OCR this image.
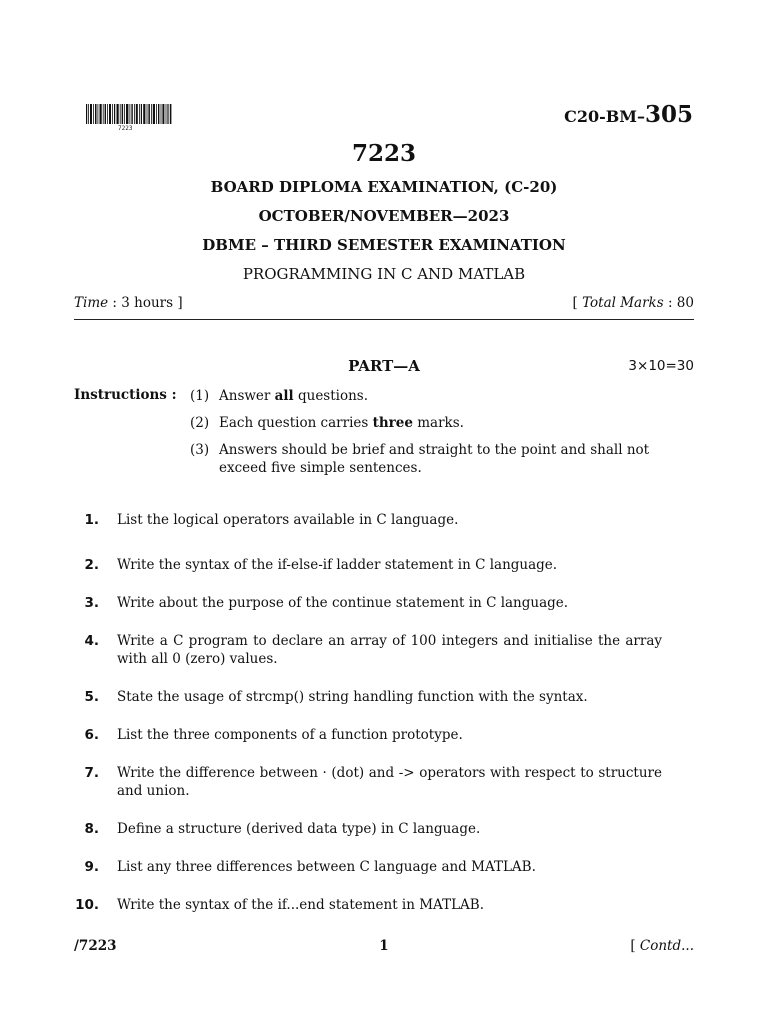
7223
C20-BM–305
7223
BOARD DIPLOMA EXAMINATION, (C-20)
OCTOBER/NOVEMBER—2023
DBME – THIRD SEMESTER EXAMINATION
PROGRAMMING IN C AND MATLAB
Time : 3 hours ]	[ Total Marks : 80
PART—A	3×10=30
Instructions : (1) Answer all questions.
(2) Each question carries three marks.
(3) Answers should be brief and straight to the point and shall not exceed five simple sentences.
1. List the logical operators available in C language.
2. Write the syntax of the if-else-if ladder statement in C language.
3. Write about the purpose of the continue statement in C language.
4. Write a C program to declare an array of 100 integers and initialise the array with all 0 (zero) values.
5. State the usage of strcmp() string handling function with the syntax.
6. List the three components of a function prototype.
7. Write the difference between · (dot) and -> operators with respect to structure and union.
8. Define a structure (derived data type) in C language.
9. List any three differences between C language and MATLAB.
10. Write the syntax of the if...end statement in MATLAB.
/7223	1	[ Contd...
